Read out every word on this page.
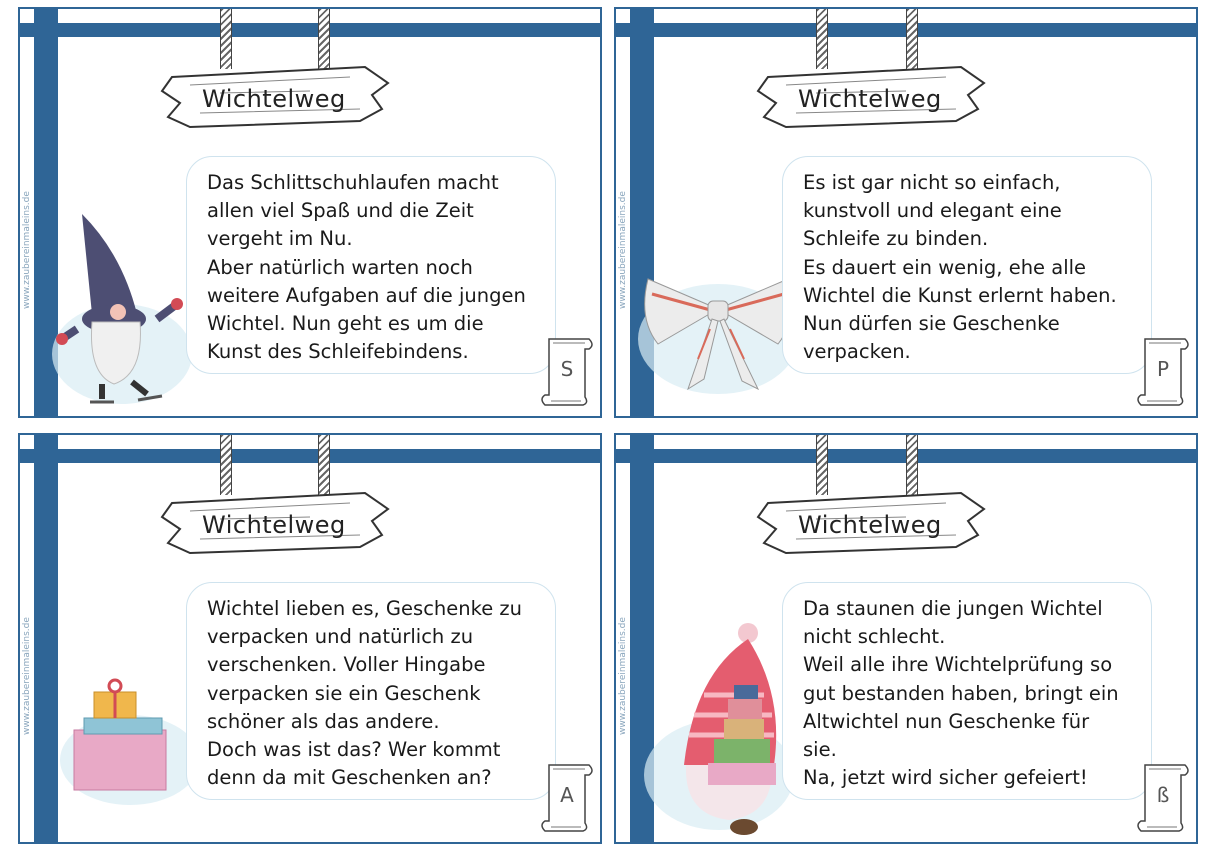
www.zaubereinmaleins.de
Wichtelweg

Das Schlittschuhlaufen macht
allen viel Spaß und die Zeit
vergeht im Nu.
Aber natürlich warten noch
weitere Aufgaben auf die jungen
Wichtel. Nun geht es um die
Kunst des Schleifebindens.

S
www.zaubereinmaleins.de
Wichtelweg

Es ist gar nicht so einfach,
kunstvoll und elegant eine
Schleife zu binden.
Es dauert ein wenig, ehe alle
Wichtel die Kunst erlernt haben.
Nun dürfen sie Geschenke
verpacken.

P
www.zaubereinmaleins.de
Wichtelweg

Wichtel lieben es, Geschenke zu
verpacken und natürlich zu
verschenken. Voller Hingabe
verpacken sie ein Geschenk
schöner als das andere.
Doch was ist das? Wer kommt
denn da mit Geschenken an?

A
www.zaubereinmaleins.de
Wichtelweg

Da staunen die jungen Wichtel
nicht schlecht.
Weil alle ihre Wichtelprüfung so
gut bestanden haben, bringt ein
Altwichtel nun Geschenke für
sie.
Na, jetzt wird sicher gefeiert!

ß
